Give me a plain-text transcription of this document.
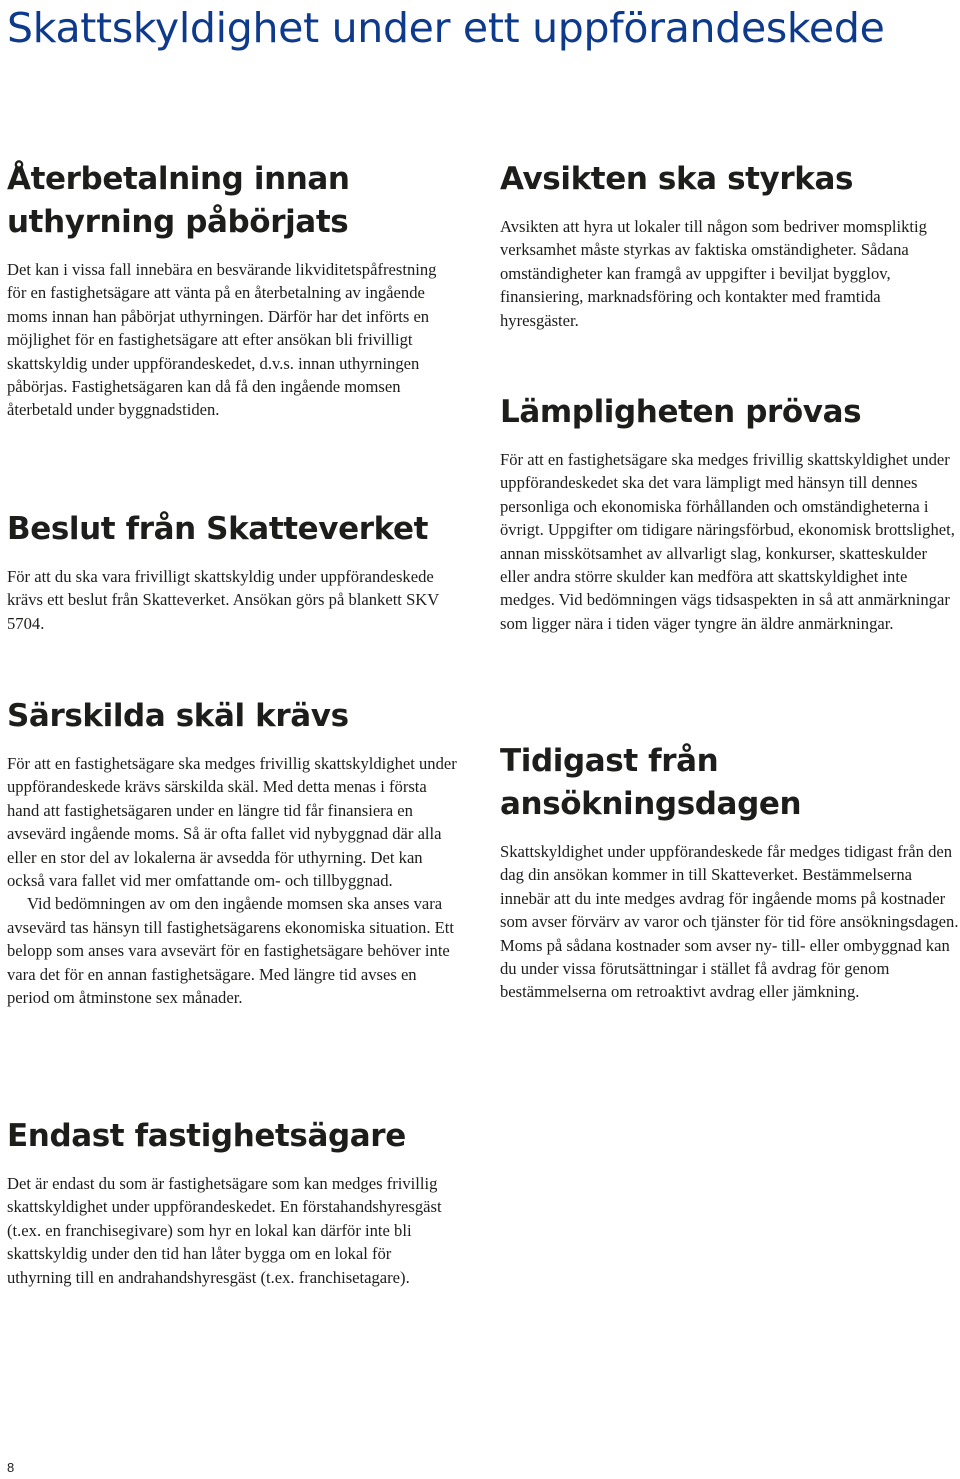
Skattskyldighet under ett uppförandeskede
Återbetalning innan uthyrning påbörjats

Det kan i vissa fall innebära en besvärande likviditetspåfrestning för en fastighetsägare att vänta på en återbetalning av ingående moms innan han påbörjat uthyrningen. Därför har det införts en möjlighet för en fastighetsägare att efter ansökan bli frivilligt skattskyldig under uppförandeskedet, d.v.s. innan uthyrningen påbörjas. Fastighetsägaren kan då få den ingående momsen återbetald under byggnadstiden.

Beslut från Skatteverket

För att du ska vara frivilligt skattskyldig under uppförandeskede krävs ett beslut från Skatteverket. Ansökan görs på blankett SKV 5704.

Särskilda skäl krävs

För att en fastighetsägare ska medges frivillig skattskyldighet under uppförandeskede krävs särskilda skäl. Med detta menas i första hand att fastighetsägaren under en längre tid får finansiera en avsevärd ingående moms. Så är ofta fallet vid nybyggnad där alla eller en stor del av lokalerna är avsedda för uthyrning. Det kan också vara fallet vid mer omfattande om- och tillbyggnad.

Vid bedömningen av om den ingående momsen ska anses vara avsevärd tas hänsyn till fastighetsägarens ekonomiska situation. Ett belopp som anses vara avsevärt för en fastighetsägare behöver inte vara det för en annan fastighetsägare. Med längre tid avses en period om åtminstone sex månader.

Endast fastighetsägare

Det är endast du som är fastighetsägare som kan medges frivillig skattskyldighet under uppförandeskedet. En förstahandshyresgäst (t.ex. en franchisegivare) som hyr en lokal kan därför inte bli skattskyldig under den tid han låter bygga om en lokal för uthyrning till en andrahandshyresgäst (t.ex. franchisetagare).

Avsikten ska styrkas

Avsikten att hyra ut lokaler till någon som bedriver momspliktig verksamhet måste styrkas av faktiska omständigheter. Sådana omständigheter kan framgå av uppgifter i beviljat bygglov, finansiering, marknadsföring och kontakter med framtida hyresgäster.

Lämpligheten prövas

För att en fastighetsägare ska medges frivillig skattskyldighet under uppförandeskedet ska det vara lämpligt med hänsyn till dennes personliga och ekonomiska förhållanden och omständigheterna i övrigt. Uppgifter om tidigare näringsförbud, ekonomisk brottslighet, annan misskötsamhet av allvarligt slag, konkurser, skatteskulder eller andra större skulder kan medföra att skattskyldighet inte medges. Vid bedömningen vägs tidsaspekten in så att anmärkningar som ligger nära i tiden väger tyngre än äldre anmärkningar.

Tidigast från ansökningsdagen

Skattskyldighet under uppförandeskede får medges tidigast från den dag din ansökan kommer in till Skatteverket. Bestämmelserna innebär att du inte medges avdrag för ingående moms på kostnader som avser förvärv av varor och tjänster för tid före ansökningsdagen. Moms på sådana kostnader som avser ny- till- eller ombyggnad kan du under vissa förutsättningar i stället få avdrag för genom bestämmelserna om retroaktivt avdrag eller jämkning.

8
